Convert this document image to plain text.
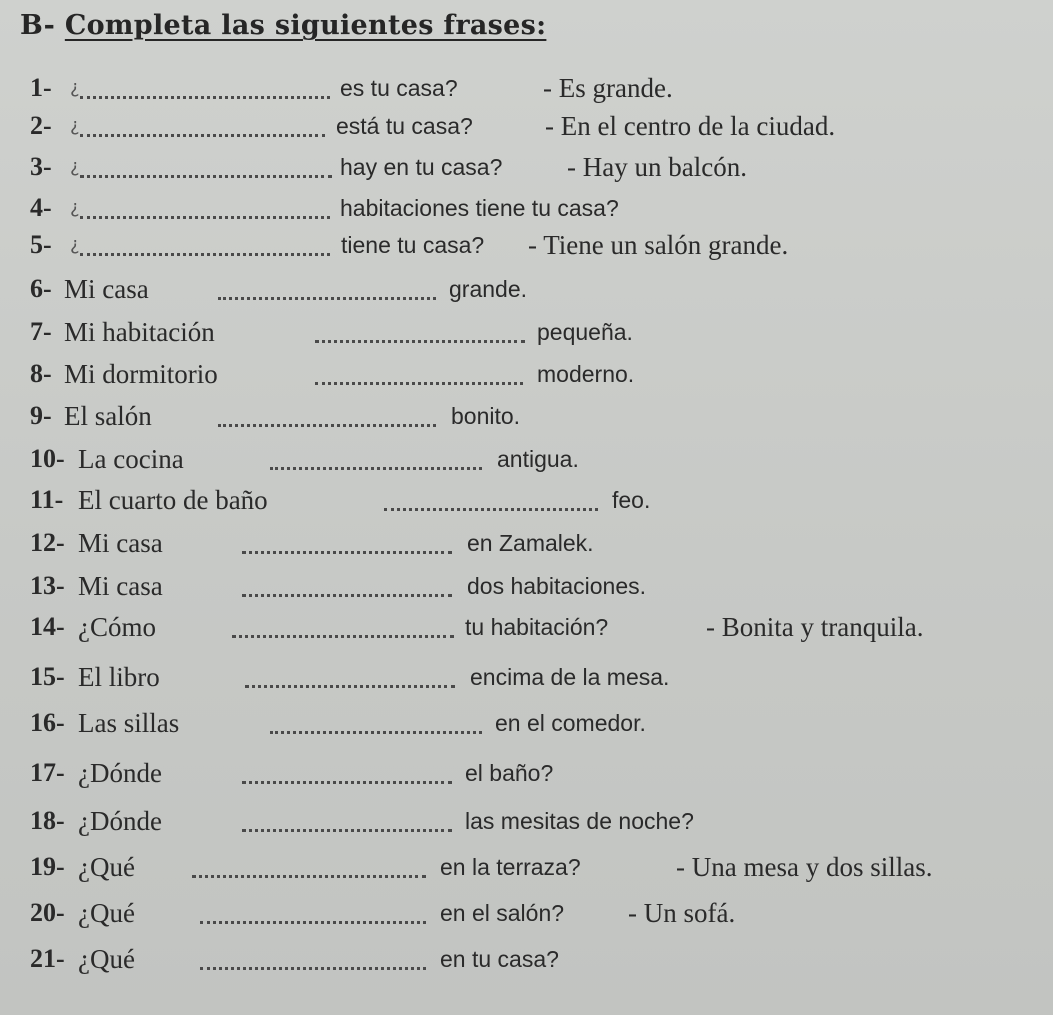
B- Completa las siguientes frases:
1- ¿	es tu casa?	- Es grande.
2- ¿	está tu casa?	- En el centro de la ciudad.
3- ¿	hay en tu casa? - Hay un balcón.
4- ¿	habitaciones tiene tu casa?
5- ¿	tiene tu casa? - Tiene un salón grande.
6- Mi casa	grande.
7- Mi habitación	pequeña.
8- Mi dormitorio	moderno.
9- El salón	bonito.
10- La cocina	antigua.
11- El cuarto de baño	feo.
12- Mi casa	en Zamalek.
13- Mi casa	dos habitaciones.
14- ¿Cómo	tu habitación?	- Bonita y tranquila.
15- El libro	encima de la mesa.
16- Las sillas	en el comedor.
17- ¿Dónde	el baño?
18- ¿Dónde	las mesitas de noche?
19- ¿Qué	en la terraza?	- Una mesa y dos sillas.
20- ¿Qué	en el salón? - Un sofá.
21- ¿Qué	en tu casa?
